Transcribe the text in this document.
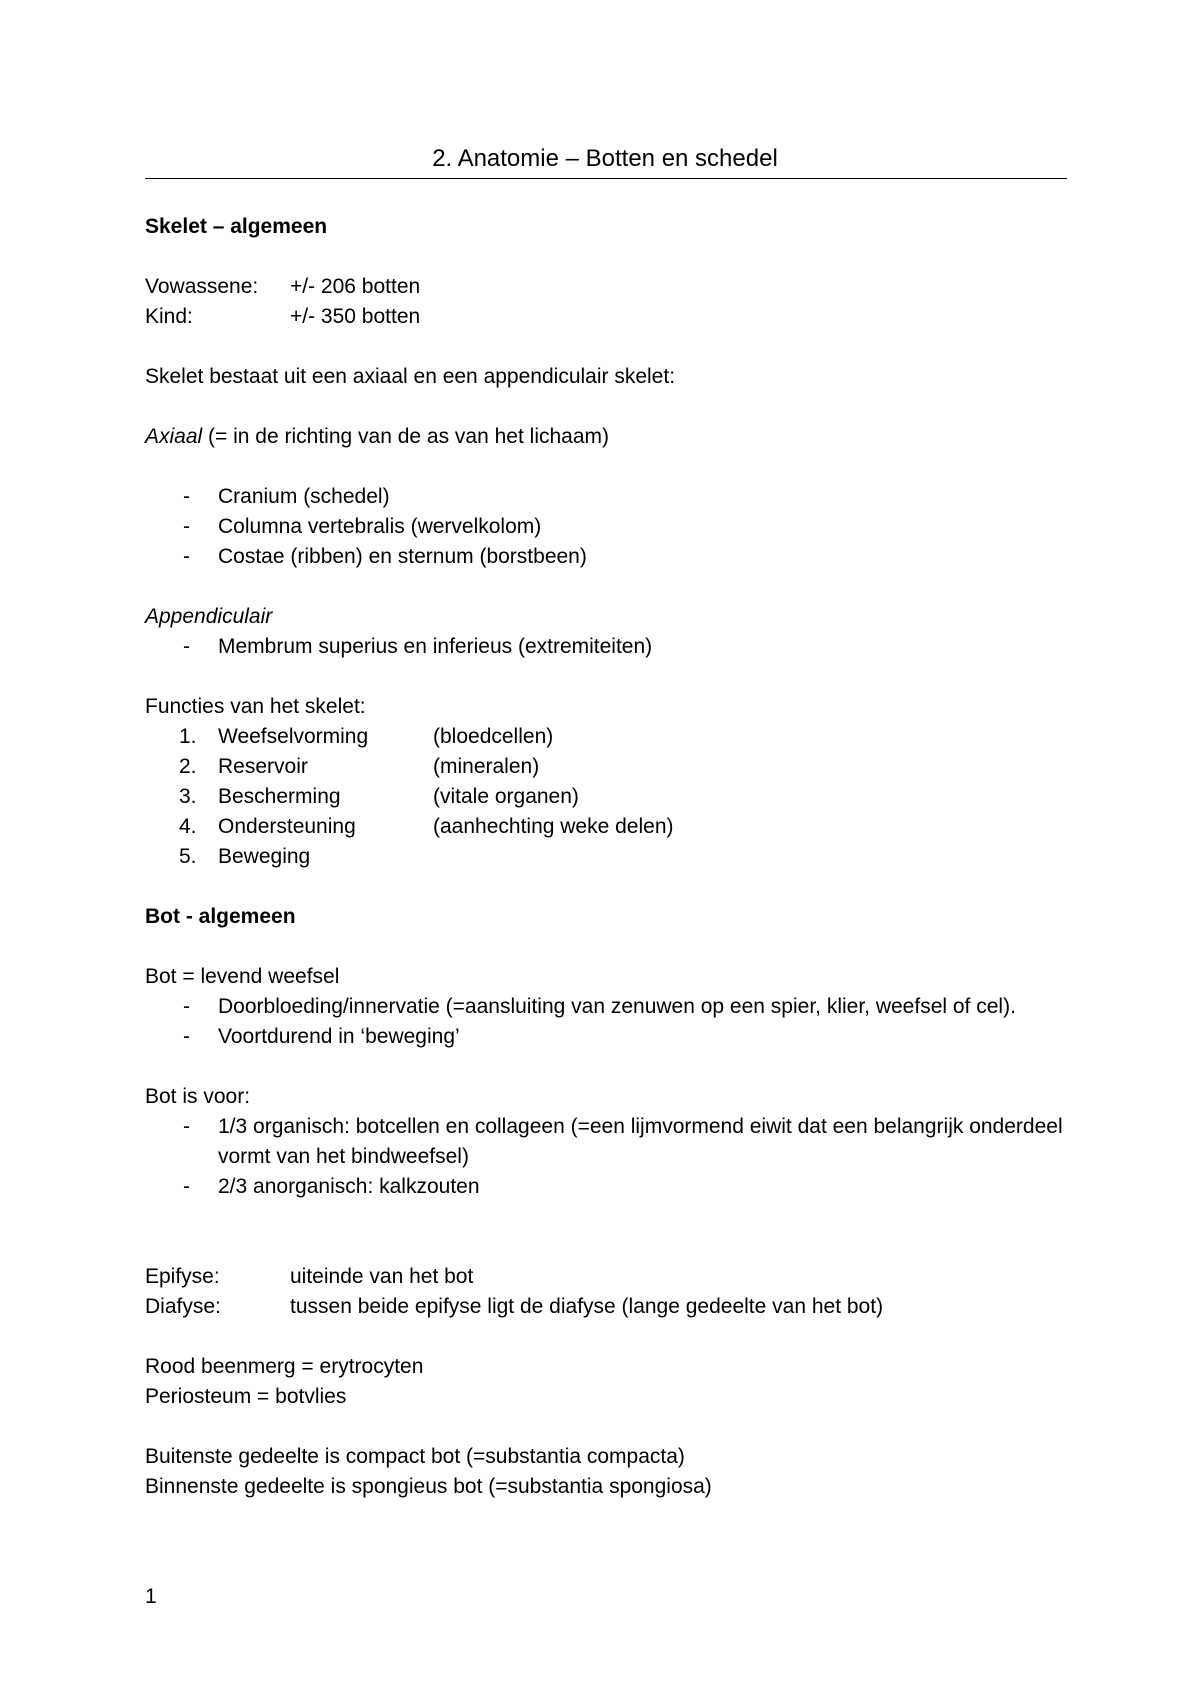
2. Anatomie – Botten en schedel
Skelet – algemeen
Vowassene: +/- 206 botten
Kind:	+/- 350 botten
Skelet bestaat uit een axiaal en een appendiculair skelet:
Axiaal (= in de richting van de as van het lichaam)
- Cranium (schedel)
- Columna vertebralis (wervelkolom)
- Costae (ribben) en sternum (borstbeen)
Appendiculair
- Membrum superius en inferieus (extremiteiten)
Functies van het skelet:
1. Weefselvorming	(bloedcellen)
2. Reservoir	(mineralen)
3. Bescherming	(vitale organen)
4. Ondersteuning	(aanhechting weke delen)
5. Beweging
Bot - algemeen
Bot = levend weefsel
- Doorbloeding/innervatie (=aansluiting van zenuwen op een spier, klier, weefsel of cel).
- Voortdurend in ‘beweging’
Bot is voor:
- 1/3 organisch: botcellen en collageen (=een lijmvormend eiwit dat een belangrijk onderdeel vormt van het bindweefsel)
- 2/3 anorganisch: kalkzouten
Epifyse:	uiteinde van het bot
Diafyse:	tussen beide epifyse ligt de diafyse (lange gedeelte van het bot)
Rood beenmerg = erytrocyten
Periosteum = botvlies
Buitenste gedeelte is compact bot (=substantia compacta)
Binnenste gedeelte is spongieus bot (=substantia spongiosa)
1
